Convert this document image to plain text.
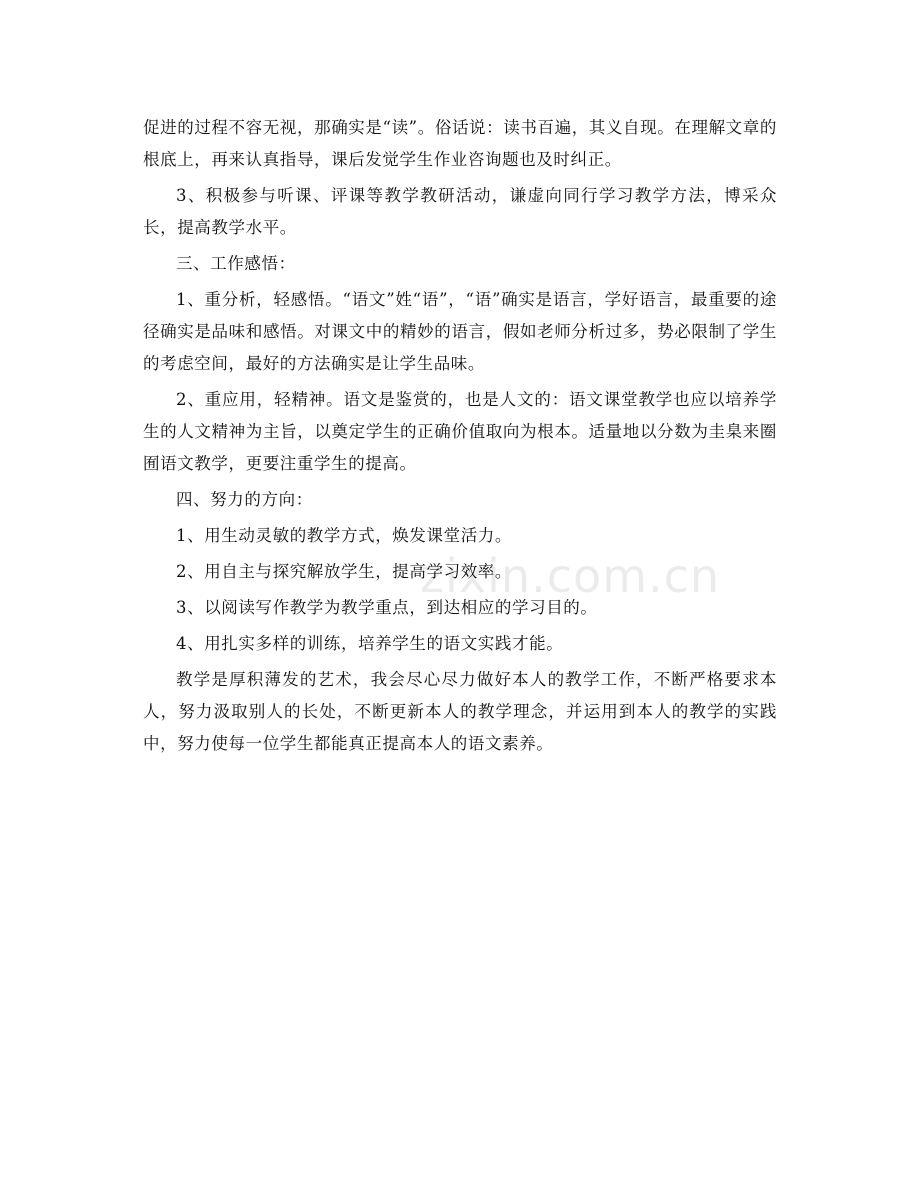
促进的过程不容无视，那确实是“读”。俗话说：读书百遍，其义自现。在理解文章的根底上，再来认真指导，课后发觉学生作业咨询题也及时纠正。

3、积极参与听课、评课等教学教研活动，谦虚向同行学习教学方法，博采众长，提高教学水平。

三、工作感悟：

1、重分析，轻感悟。“语文”姓“语”，“语”确实是语言，学好语言，最重要的途径确实是品味和感悟。对课文中的精妙的语言，假如老师分析过多，势必限制了学生的考虑空间，最好的方法确实是让学生品味。

2、重应用，轻精神。语文是鉴赏的，也是人文的：语文课堂教学也应以培养学生的人文精神为主旨，以奠定学生的正确价值取向为根本。适量地以分数为圭臬来圈囿语文教学，更要注重学生的提高。

四、努力的方向：

1、用生动灵敏的教学方式，焕发课堂活力。

2、用自主与探究解放学生，提高学习效率。

3、以阅读写作教学为教学重点，到达相应的学习目的。

4、用扎实多样的训练，培养学生的语文实践才能。

教学是厚积薄发的艺术，我会尽心尽力做好本人的教学工作，不断严格要求本人，努力汲取别人的长处，不断更新本人的教学理念，并运用到本人的教学的实践中，努力使每一位学生都能真正提高本人的语文素养。

zixin.com.cn
